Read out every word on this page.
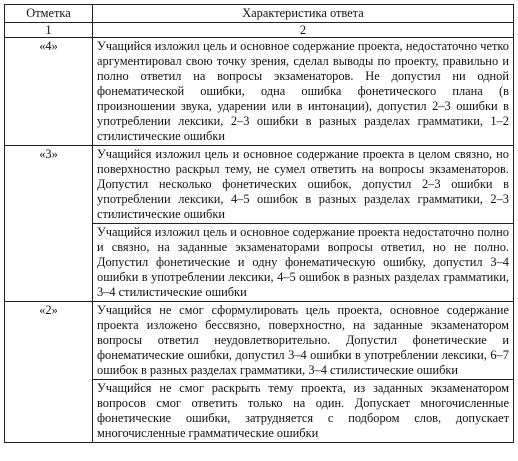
Отметка	Характеристика ответа
1	2
«4»	Учащийся изложил цель и основное содержание проекта, недостаточно четко аргументировал свою точку зрения, сделал выводы по проекту, правильно и полно ответил на вопросы экзаменаторов. Не допустил ни одной фонематической ошибки, одна ошибка фонетического плана (в произношении звука, ударении или в интонации), допустил 2–3 ошибки в употреблении лексики, 2–3 ошибки в разных разделах грамматики, 1–2 стилистические ошибки
«3»	Учащийся изложил цель и основное содержание проекта в целом связно, но поверхностно раскрыл тему, не сумел ответить на вопросы экзаменаторов. Допустил несколько фонетических ошибок, допустил 2–3 ошибки в употреблении лексики, 4–5 ошибок в разных разделах грамматики, 2–3 стилистические ошибки
	Учащийся изложил цель и основное содержание проекта недостаточно полно и связно, на заданные экзаменаторами вопросы ответил, но не полно. Допустил фонетические и одну фонематическую ошибку, допустил 3–4 ошибки в употреблении лексики, 4–5 ошибок в разных разделах грамматики, 3–4 стилистические ошибки
«2»	Учащийся не смог сформулировать цель проекта, основное содержание проекта изложено бессвязно, поверхностно, на заданные экзаменатором вопросы ответил неудовлетворительно. Допустил фонетические и фонематические ошибки, допустил 3–4 ошибки в употреблении лексики, 6–7 ошибок в разных разделах грамматики, 3–4 стилистические ошибки
	Учащийся не смог раскрыть тему проекта, из заданных экзаменатором вопросов смог ответить только на один. Допускает многочисленные фонетические ошибки, затрудняется с подбором слов, допускает многочисленные грамматические ошибки
